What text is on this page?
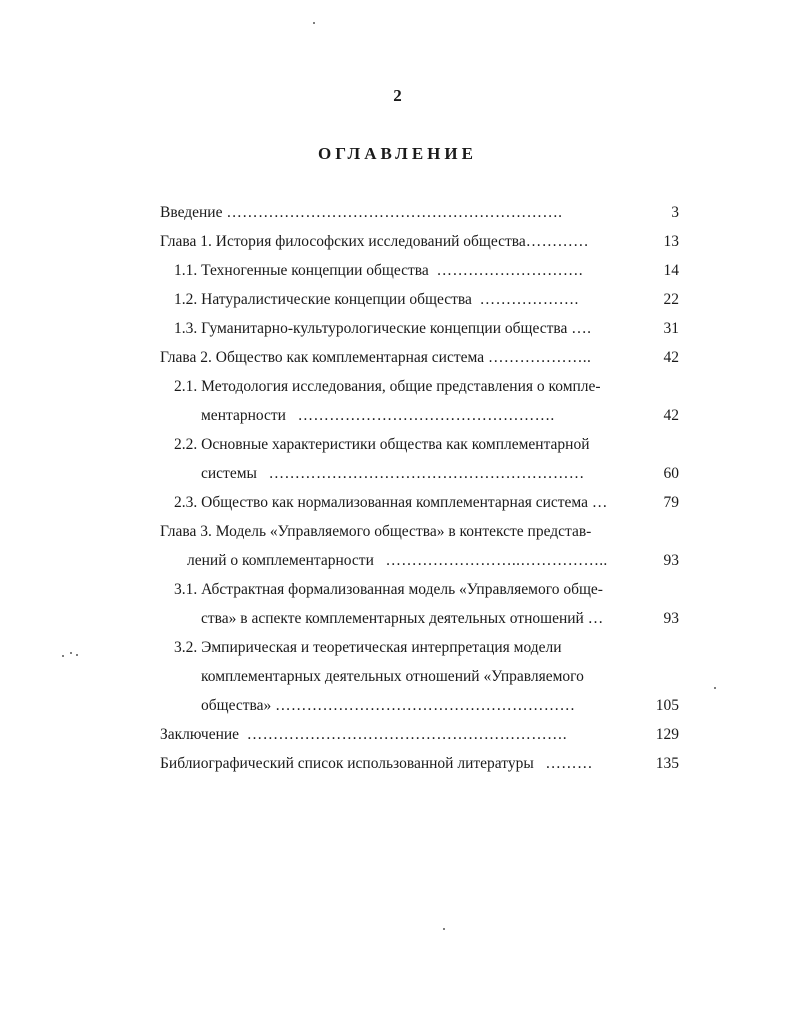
2
ОГЛАВЛЕНИЕ
Введение ……………………………………………………….	3
Глава 1. История философских исследований общества…………	13
1.1. Техногенные концепции общества ……………………….	14
1.2. Натуралистические концепции общества ……………….	22
1.3. Гуманитарно-культурологические концепции общества ….	31
Глава 2. Общество как комплементарная система ………………..	42
2.1. Методология исследования, общие представления о компле-
ментарности ………………………………………….	42
2.2. Основные характеристики общества как комплементарной
системы ……………………………………………………	60
2.3. Общество как нормализованная комплементарная система …	79
Глава 3. Модель «Управляемого общества» в контексте представ-
лений о комплементарности ……………………..……………..	93
3.1. Абстрактная формализованная модель «Управляемого обще-
ства» в аспекте комплементарных деятельных отношений …	93
3.2. Эмпирическая и теоретическая интерпретация модели
комплементарных деятельных отношений «Управляемого
общества» …………………………………………………	105
Заключение …………………………………………………….	129
Библиографический список использованной литературы ………	135
